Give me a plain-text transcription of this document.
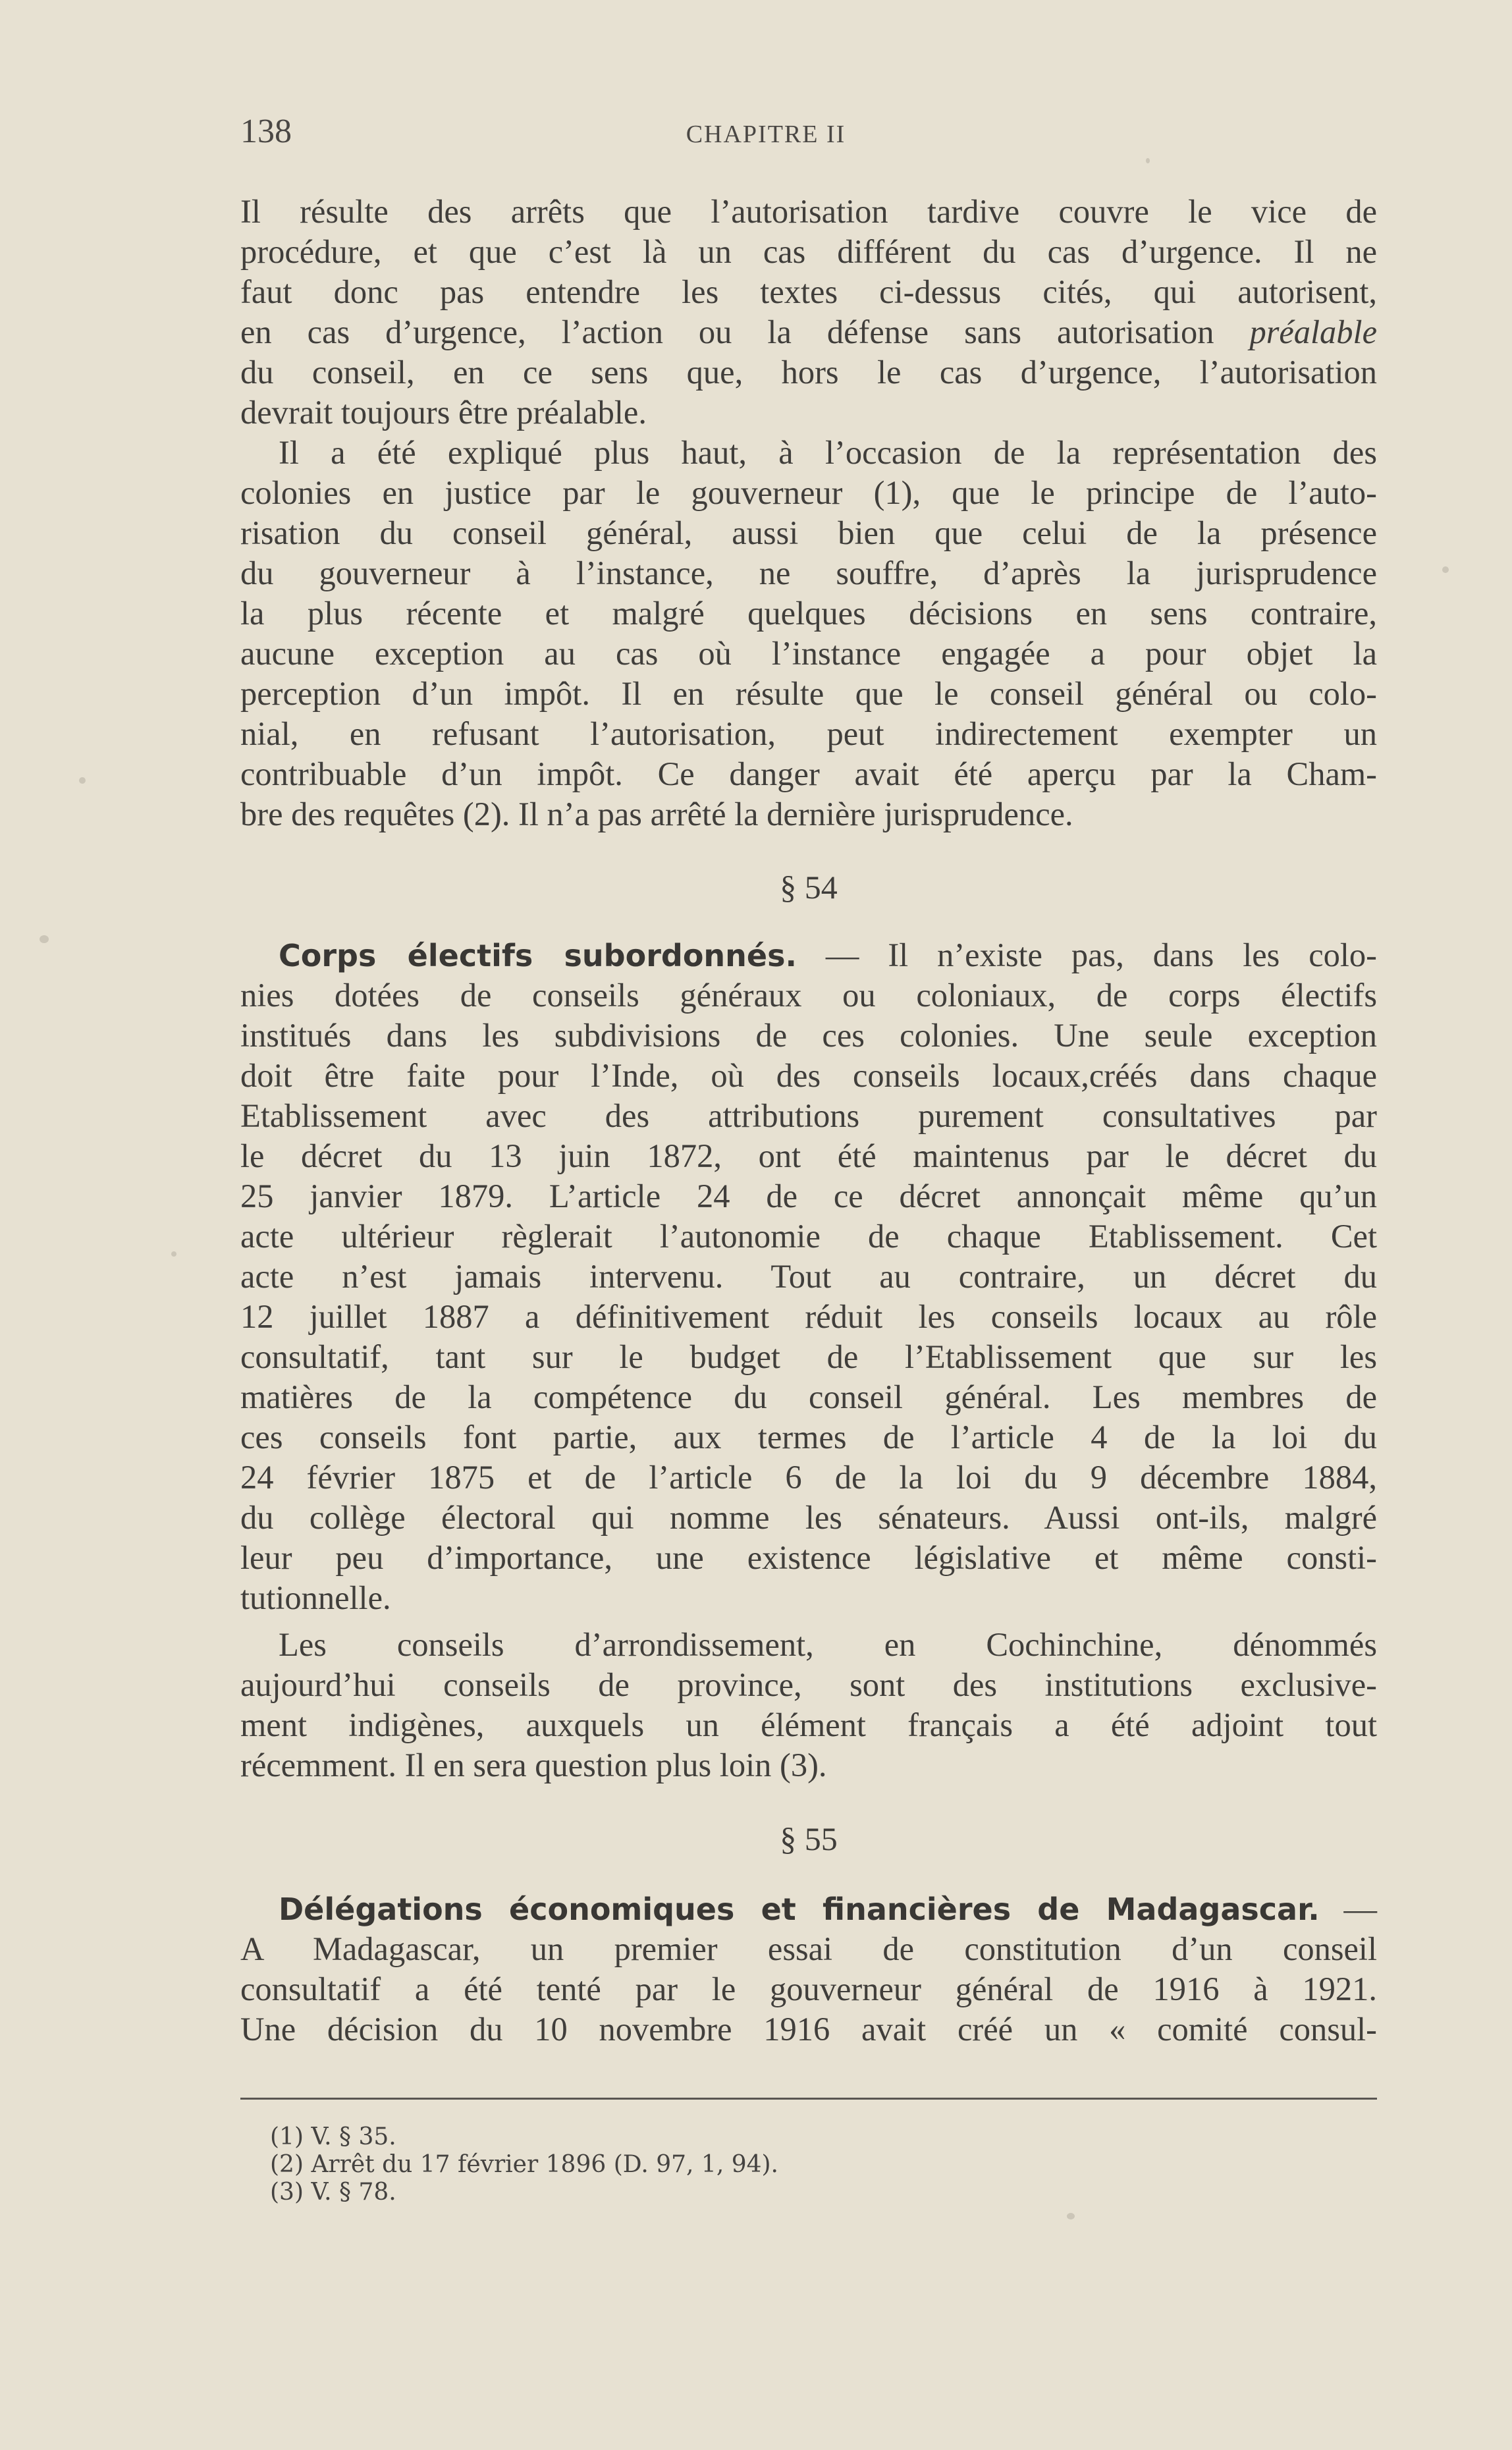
138	CHAPITRE II
Il résulte des arrêts que l’autorisation tardive couvre le vice de
procédure, et que c’est là un cas différent du cas d’urgence. Il ne
faut donc pas entendre les textes ci-dessus cités, qui autorisent,
en cas d’urgence, l’action ou la défense sans autorisation préalable
du conseil, en ce sens que, hors le cas d’urgence, l’autorisation
devrait toujours être préalable.
Il a été expliqué plus haut, à l’occasion de la représentation des
colonies en justice par le gouverneur (1), que le principe de l’auto-
risation du conseil général, aussi bien que celui de la présence
du gouverneur à l’instance, ne souffre, d’après la jurisprudence
la plus récente et malgré quelques décisions en sens contraire,
aucune exception au cas où l’instance engagée a pour objet la
perception d’un impôt. Il en résulte que le conseil général ou colo-
nial, en refusant l’autorisation, peut indirectement exempter un
contribuable d’un impôt. Ce danger avait été aperçu par la Cham-
bre des requêtes (2). Il n’a pas arrêté la dernière jurisprudence.
§ 54
Corps électifs subordonnés. — Il n’existe pas, dans les colo-
nies dotées de conseils généraux ou coloniaux, de corps électifs
institués dans les subdivisions de ces colonies. Une seule exception
doit être faite pour l’Inde, où des conseils locaux,créés dans chaque
Etablissement avec des attributions purement consultatives par
le décret du 13 juin 1872, ont été maintenus par le décret du
25 janvier 1879. L’article 24 de ce décret annonçait même qu’un
acte ultérieur règlerait l’autonomie de chaque Etablissement. Cet
acte n’est jamais intervenu. Tout au contraire, un décret du
12 juillet 1887 a définitivement réduit les conseils locaux au rôle
consultatif, tant sur le budget de l’Etablissement que sur les
matières de la compétence du conseil général. Les membres de
ces conseils font partie, aux termes de l’article 4 de la loi du
24 février 1875 et de l’article 6 de la loi du 9 décembre 1884,
du collège électoral qui nomme les sénateurs. Aussi ont-ils, malgré
leur peu d’importance, une existence législative et même consti-
tutionnelle.
Les conseils d’arrondissement, en Cochinchine, dénommés
aujourd’hui conseils de province, sont des institutions exclusive-
ment indigènes, auxquels un élément français a été adjoint tout
récemment. Il en sera question plus loin (3).
§ 55
Délégations économiques et financières de Madagascar. —
A Madagascar, un premier essai de constitution d’un conseil
consultatif a été tenté par le gouverneur général de 1916 à 1921.
Une décision du 10 novembre 1916 avait créé un « comité consul-
(1) V. § 35.
(2) Arrêt du 17 février 1896 (D. 97, 1, 94).
(3) V. § 78.
